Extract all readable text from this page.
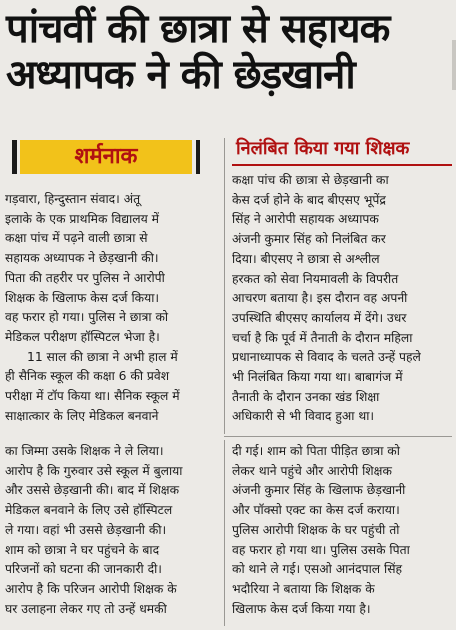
पांचवीं की छात्रा से सहायक
अध्यापक ने की छेड़खानी
शर्मनाक	निलंबित किया गया शिक्षक
गड़वारा, हिन्दुस्तान संवाद। अंतू
इलाके के एक प्राथमिक विद्यालय में
कक्षा पांच में पढ़ने वाली छात्रा से
सहायक अध्यापक ने छेड़खानी की।
पिता की तहरीर पर पुलिस ने आरोपी
शिक्षक के खिलाफ केस दर्ज किया।
वह फरार हो गया। पुलिस ने छात्रा को
मेडिकल परीक्षण हॉस्पिटल भेजा है।
11 साल की छात्रा ने अभी हाल में
ही सैनिक स्कूल की कक्षा 6 की प्रवेश
परीक्षा में टॉप किया था। सैनिक स्कूल में
साक्षात्कार के लिए मेडिकल बनवाने
कक्षा पांच की छात्रा से छेड़खानी का
केस दर्ज होने के बाद बीएसए भूपेंद्र
सिंह ने आरोपी सहायक अध्यापक
अंजनी कुमार सिंह को निलंबित कर
दिया। बीएसए ने छात्रा से अश्लील
हरकत को सेवा नियमावली के विपरीत
आचरण बताया है। इस दौरान वह अपनी
उपस्थिति बीएसए कार्यालय में देंगे। उधर
चर्चा है कि पूर्व में तैनाती के दौरान महिला
प्रधानाध्यापक से विवाद के चलते उन्हें पहले
भी निलंबित किया गया था। बाबागंज में
तैनाती के दौरान उनका खंड शिक्षा
अधिकारी से भी विवाद हुआ था।
का जिम्मा उसके शिक्षक ने ले लिया।
आरोप है कि गुरुवार उसे स्कूल में बुलाया
और उससे छेड़खानी की। बाद में शिक्षक
मेडिकल बनवाने के लिए उसे हॉस्पिटल
ले गया। वहां भी उससे छेड़खानी की।
शाम को छात्रा ने घर पहुंचने के बाद
परिजनों को घटना की जानकारी दी।
आरोप है कि परिजन आरोपी शिक्षक के
घर उलाहना लेकर गए तो उन्हें धमकी
दी गई। शाम को पिता पीड़ित छात्रा को
लेकर थाने पहुंचे और आरोपी शिक्षक
अंजनी कुमार सिंह के खिलाफ छेड़खानी
और पॉक्सो एक्ट का केस दर्ज कराया।
पुलिस आरोपी शिक्षक के घर पहुंची तो
वह फरार हो गया था। पुलिस उसके पिता
को थाने ले गई। एसओ आनंदपाल सिंह
भदौरिया ने बताया कि शिक्षक के
खिलाफ केस दर्ज किया गया है।
